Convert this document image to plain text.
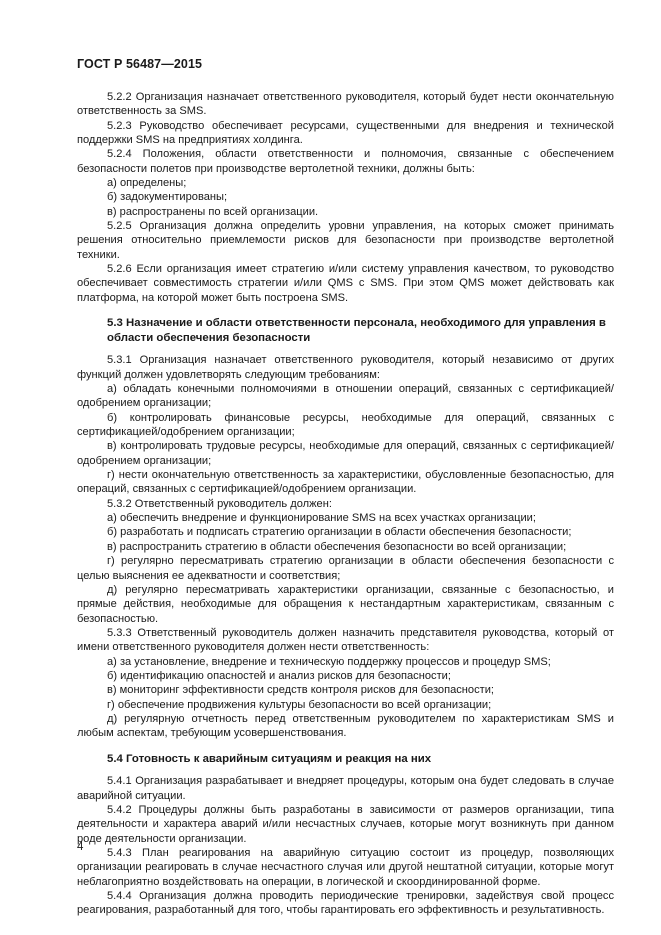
ГОСТ Р 56487—2015

5.2.2 Организация назначает ответственного руководителя, который будет нести окончательную ответственность за SMS.

5.2.3 Руководство обеспечивает ресурсами, существенными для внедрения и технической поддержки SMS на предприятиях холдинга.

5.2.4 Положения, области ответственности и полномочия, связанные с обеспечением безопасности полетов при производстве вертолетной техники, должны быть:

а) определены;

б) задокументированы;

в) распространены по всей организации.

5.2.5 Организация должна определить уровни управления, на которых сможет принимать решения относительно приемлемости рисков для безопасности при производстве вертолетной техники.

5.2.6 Если организация имеет стратегию и/или систему управления качеством, то руководство обеспечивает совместимость стратегии и/или QMS с SMS. При этом QMS может действовать как платформа, на которой может быть построена SMS.

5.3 Назначение и области ответственности персонала, необходимого для управления в области обеспечения безопасности

5.3.1 Организация назначает ответственного руководителя, который независимо от других функций должен удовлетворять следующим требованиям:

а) обладать конечными полномочиями в отношении операций, связанных с сертификацией/одобрением организации;

б) контролировать финансовые ресурсы, необходимые для операций, связанных с сертификацией/одобрением организации;

в) контролировать трудовые ресурсы, необходимые для операций, связанных с сертификацией/одобрением организации;

г) нести окончательную ответственность за характеристики, обусловленные безопасностью, для операций, связанных с сертификацией/одобрением организации.

5.3.2 Ответственный руководитель должен:

а) обеспечить внедрение и функционирование SMS на всех участках организации;

б) разработать и подписать стратегию организации в области обеспечения безопасности;

в) распространить стратегию в области обеспечения безопасности во всей организации;

г) регулярно пересматривать стратегию организации в области обеспечения безопасности с целью выяснения ее адекватности и соответствия;

д) регулярно пересматривать характеристики организации, связанные с безопасностью, и прямые действия, необходимые для обращения к нестандартным характеристикам, связанным с безопасностью.

5.3.3 Ответственный руководитель должен назначить представителя руководства, который от имени ответственного руководителя должен нести ответственность:

а) за установление, внедрение и техническую поддержку процессов и процедур SMS;

б) идентификацию опасностей и анализ рисков для безопасности;

в) мониторинг эффективности средств контроля рисков для безопасности;

г) обеспечение продвижения культуры безопасности во всей организации;

д) регулярную отчетность перед ответственным руководителем по характеристикам SMS и любым аспектам, требующим усовершенствования.

5.4 Готовность к аварийным ситуациям и реакция на них

5.4.1 Организация разрабатывает и внедряет процедуры, которым она будет следовать в случае аварийной ситуации.

5.4.2 Процедуры должны быть разработаны в зависимости от размеров организации, типа деятельности и характера аварий и/или несчастных случаев, которые могут возникнуть при данном роде деятельности организации.

5.4.3 План реагирования на аварийную ситуацию состоит из процедур, позволяющих организации реагировать в случае несчастного случая или другой нештатной ситуации, которые могут неблагоприятно воздействовать на операции, в логической и скоординированной форме.

5.4.4 Организация должна проводить периодические тренировки, задействуя свой процесс реагирования, разработанный для того, чтобы гарантировать его эффективность и результативность.

4
